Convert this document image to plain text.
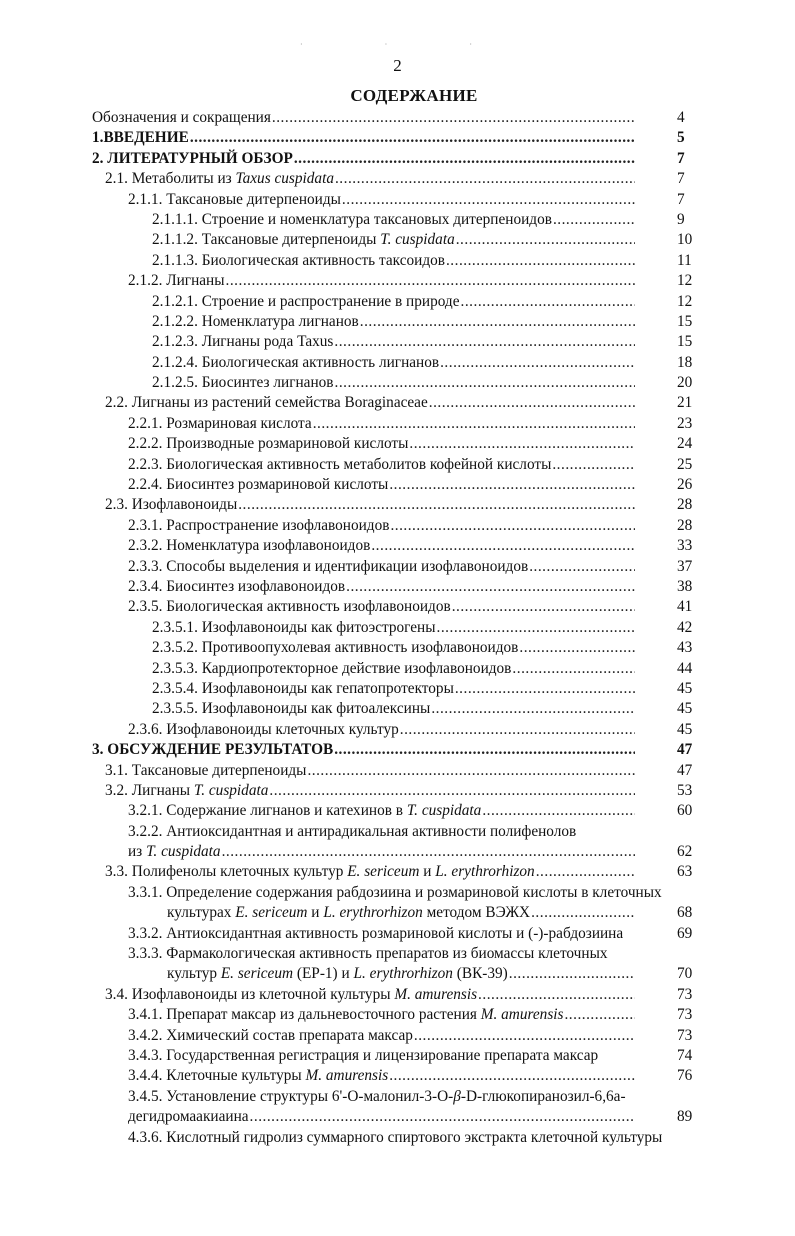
· · ·
2
СОДЕРЖАНИЕ
Обозначения и сокращения .....	4
1.ВВЕДЕНИЕ .....	5
2. ЛИТЕРАТУРНЫЙ ОБЗОР .....	7
2.1. Метаболиты из Taxus cuspidata .....	7
2.1.1. Таксановые дитерпеноиды .....	7
2.1.1.1. Строение и номенклатура таксановых дитерпеноидов .....	9
2.1.1.2. Таксановые дитерпеноиды T. cuspidata .....	10
2.1.1.3. Биологическая активность таксоидов .....	11
2.1.2. Лигнаны .....	12
2.1.2.1. Строение и распространение в природе .....	12
2.1.2.2. Номенклатура лигнанов .....	15
2.1.2.3. Лигнаны рода Taxus .....	15
2.1.2.4. Биологическая активность лигнанов .....	18
2.1.2.5. Биосинтез лигнанов .....	20
2.2. Лигнаны из растений семейства Boraginaceae .....	21
2.2.1. Розмариновая кислота .....	23
2.2.2. Производные розмариновой кислоты .....	24
2.2.3. Биологическая активность метаболитов кофейной кислоты .....	25
2.2.4. Биосинтез розмариновой кислоты .....	26
2.3. Изофлавоноиды .....	28
2.3.1. Распространение изофлавоноидов .....	28
2.3.2. Номенклатура изофлавоноидов .....	33
2.3.3. Способы выделения и идентификации изофлавоноидов .....	37
2.3.4. Биосинтез изофлавоноидов .....	38
2.3.5. Биологическая активность изофлавоноидов .....	41
2.3.5.1. Изофлавоноиды как фитоэстрогены .....	42
2.3.5.2. Противоопухолевая активность изофлавоноидов .....	43
2.3.5.3. Кардиопротекторное действие изофлавоноидов .....	44
2.3.5.4. Изофлавоноиды как гепатопротекторы .....	45
2.3.5.5. Изофлавоноиды как фитоалексины .....	45
2.3.6. Изофлавоноиды клеточных культур .....	45
3. ОБСУЖДЕНИЕ РЕЗУЛЬТАТОВ .....	47
3.1. Таксановые дитерпеноиды .....	47
3.2. Лигнаны T. cuspidata .....	53
3.2.1. Содержание лигнанов и катехинов в T. cuspidata .....	60
3.2.2. Антиоксидантная и антирадикальная активности полифенолов
из T. cuspidata .....	62
3.3. Полифенолы клеточных культур E. sericeum и L. erythrorhizon .....	63
3.3.1. Определение содержания рабдозиина и розмариновой кислоты в клеточных
культурах E. sericeum и L. erythrorhizon методом ВЭЖХ .....	68
3.3.2. Антиоксидантная активность розмариновой кислоты и (-)-рабдозиина	69
3.3.3. Фармакологическая активность препаратов из биомассы клеточных
культур E. sericeum (ЕР-1) и L. erythrorhizon (ВК-39) .....	70
3.4. Изофлавоноиды из клеточной культуры M. amurensis .....	73
3.4.1. Препарат максар из дальневосточного растения M. amurensis .....	73
3.4.2. Химический состав препарата максар .....	73
3.4.3. Государственная регистрация и лицензирование препарата максар	74
3.4.4. Клеточные культуры M. amurensis .....	76
3.4.5. Установление структуры 6'-O-малонил-3-O-β-D-глюкопиранозил-6,6а-
дегидромаакиаина .....	89
4.3.6. Кислотный гидролиз суммарного спиртового экстракта клеточной культуры
